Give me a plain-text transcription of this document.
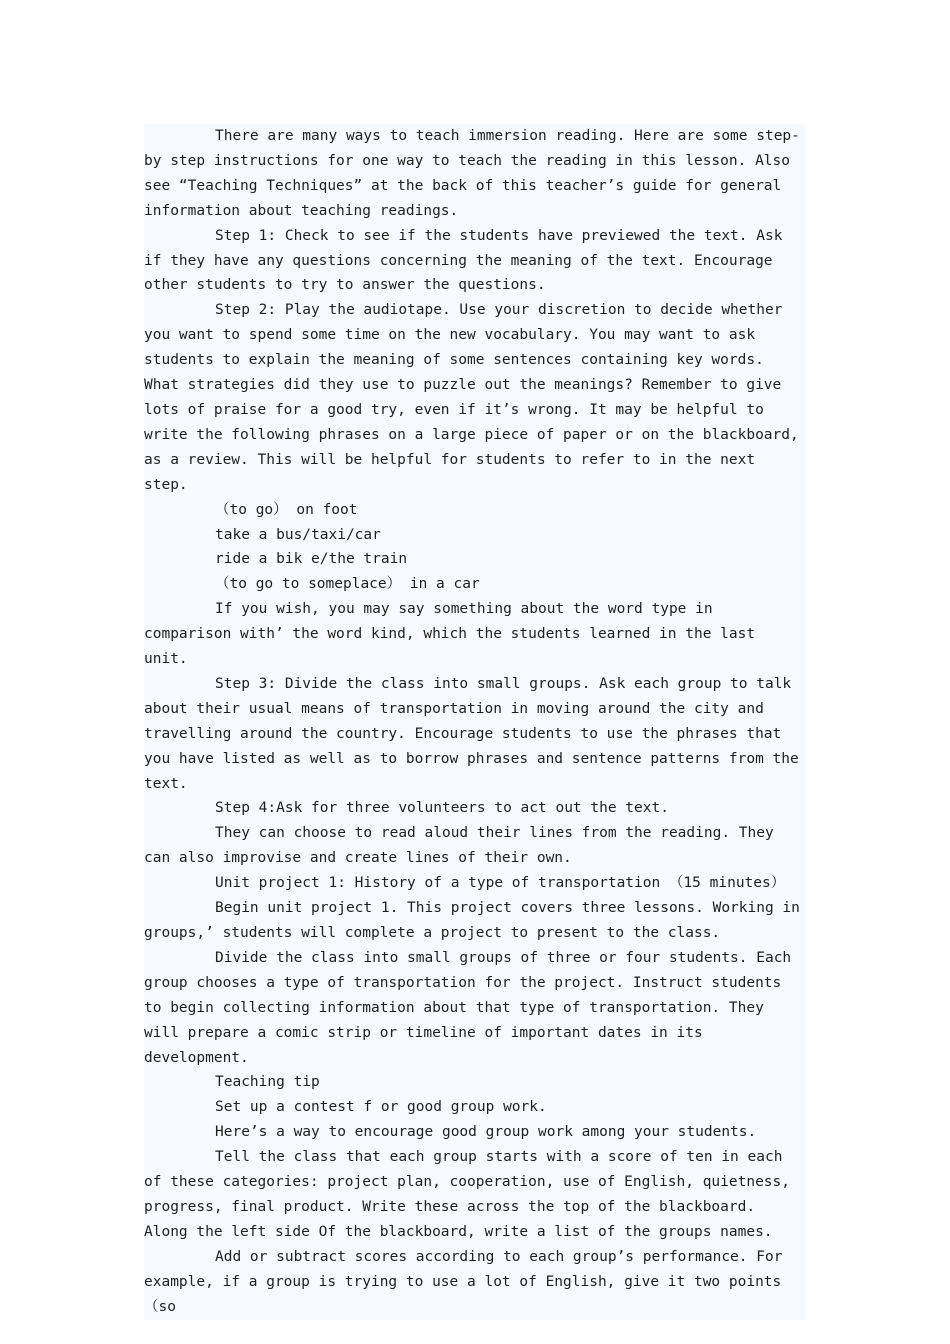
There are many ways to teach immersion reading. Here are some step-by step instructions for one way to teach the reading in this lesson. Also see “Teaching Techniques” at the back of this teacher’s guide for general information about teaching readings.

Step 1: Check to see if the students have previewed the text. Ask if they have any questions concerning the meaning of the text. Encourage other students to try to answer the questions.

Step 2: Play the audiotape. Use your discretion to decide whether you want to spend some time on the new vocabulary. You may want to ask students to explain the meaning of some sentences containing key words. What strategies did they use to puzzle out the meanings? Remember to give lots of praise for a good try, even if it’s wrong. It may be helpful to write the following phrases on a large piece of paper or on the blackboard, as a review. This will be helpful for students to refer to in the next step.

（to go） on foot

take a bus/taxi/car

ride a bik e/the train

（to go to someplace） in a car

If you wish, you may say something about the word type in comparison with’ the word kind, which the students learned in the last unit.

Step 3: Divide the class into small groups. Ask each group to talk about their usual means of transportation in moving around the city and travelling around the country. Encourage students to use the phrases that you have listed as well as to borrow phrases and sentence patterns from the text.

Step 4:Ask for three volunteers to act out the text.

They can choose to read aloud their lines from the reading. They can also improvise and create lines of their own.

Unit project 1: History of a type of transportation （15 minutes）

Begin unit project 1. This project covers three lessons. Working in groups,’ students will complete a project to present to the class.

Divide the class into small groups of three or four students. Each group chooses a type of transportation for the project. Instruct students to begin collecting information about that type of transportation. They will prepare a comic strip or timeline of important dates in its development.

Teaching tip

Set up a contest f or good group work.

Here’s a way to encourage good group work among your students.

Tell the class that each group starts with a score of ten in each of these categories: project plan, cooperation, use of English, quietness, progress, final product. Write these across the top of the blackboard. Along the left side Of the blackboard, write a list of the groups names.

Add or subtract scores according to each group’s performance. For example, if a group is trying to use a lot of English, give it two points （so
